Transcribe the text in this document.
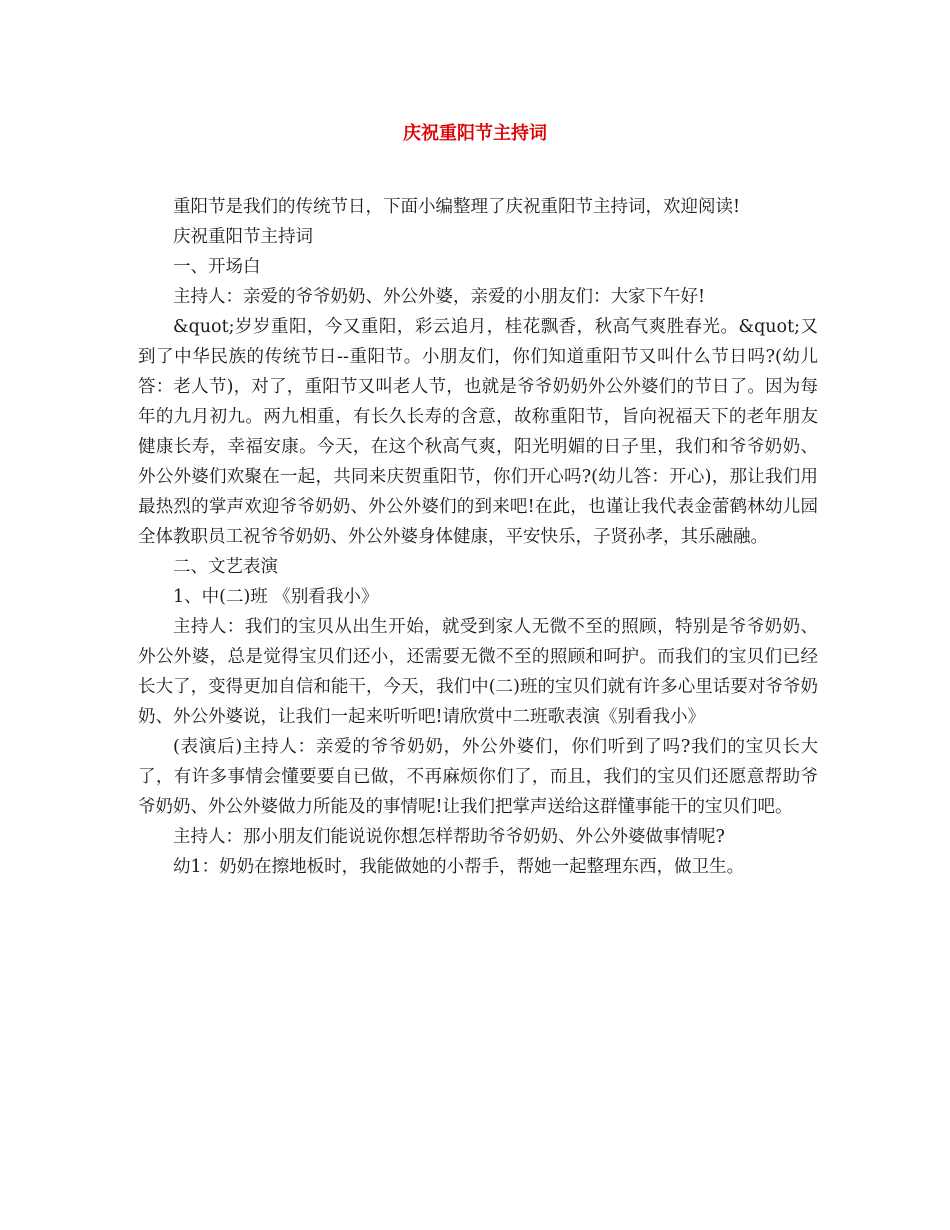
庆祝重阳节主持词

重阳节是我们的传统节日，下面小编整理了庆祝重阳节主持词，欢迎阅读!

庆祝重阳节主持词

一、开场白

主持人：亲爱的爷爷奶奶、外公外婆，亲爱的小朋友们：大家下午好!

&quot;岁岁重阳，今又重阳，彩云追月，桂花飘香，秋高气爽胜春光。&quot;又到了中华民族的传统节日--重阳节。小朋友们，你们知道重阳节又叫什么节日吗?(幼儿答：老人节)，对了，重阳节又叫老人节，也就是爷爷奶奶外公外婆们的节日了。因为每年的九月初九。两九相重，有长久长寿的含意，故称重阳节，旨向祝福天下的老年朋友健康长寿，幸福安康。今天，在这个秋高气爽，阳光明媚的日子里，我们和爷爷奶奶、外公外婆们欢聚在一起，共同来庆贺重阳节，你们开心吗?(幼儿答：开心)，那让我们用最热烈的掌声欢迎爷爷奶奶、外公外婆们的到来吧!在此，也谨让我代表金蕾鹤林幼儿园全体教职员工祝爷爷奶奶、外公外婆身体健康，平安快乐，子贤孙孝，其乐融融。

二、文艺表演

1、中(二)班 《别看我小》

主持人：我们的宝贝从出生开始，就受到家人无微不至的照顾，特别是爷爷奶奶、外公外婆，总是觉得宝贝们还小，还需要无微不至的照顾和呵护。而我们的宝贝们已经长大了，变得更加自信和能干，今天，我们中(二)班的宝贝们就有许多心里话要对爷爷奶奶、外公外婆说，让我们一起来听听吧!请欣赏中二班歌表演《别看我小》

(表演后)主持人：亲爱的爷爷奶奶，外公外婆们，你们听到了吗?我们的宝贝长大了，有许多事情会懂要要自已做，不再麻烦你们了，而且，我们的宝贝们还愿意帮助爷爷奶奶、外公外婆做力所能及的事情呢!让我们把掌声送给这群懂事能干的宝贝们吧。

主持人：那小朋友们能说说你想怎样帮助爷爷奶奶、外公外婆做事情呢?

幼1：奶奶在擦地板时，我能做她的小帮手，帮她一起整理东西，做卫生。
